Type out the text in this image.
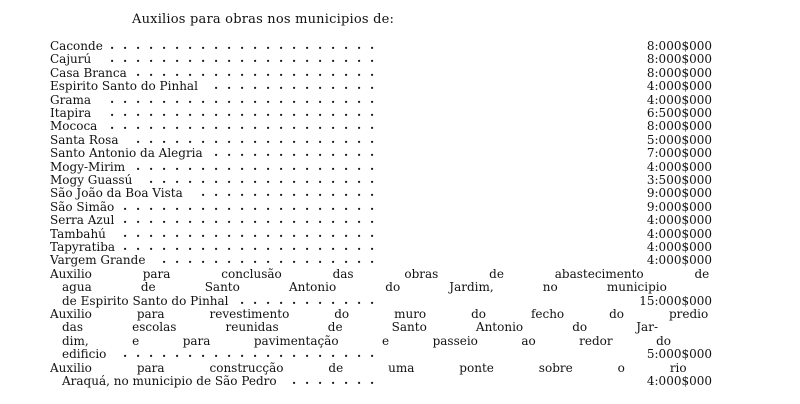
Auxilios para obras nos municipios de:
Caconde	8:000$000
. . . . . . . . . . . . . . . . . . . . .
Cajurú	8:000$000
. . . . . . . . . . . . . . . . . . . . .
Casa Branca	8:000$000
. . . . . . . . . . . . . . . . . . .
Espirito Santo do Pinhal	4:000$000
. . . . . . . . . . . . .
Grama	4:000$000
. . . . . . . . . . . . . . . . . . . . .
Itapira	6:500$000
. . . . . . . . . . . . . . . . . . . . .
Mococa	8:000$000
. . . . . . . . . . . . . . . . . . . . .
Santa Rosa	5:000$000
. . . . . . . . . . . . . . . . . . .
Santo Antonio da Alegria	7:000$000
. . . . . . . . . . . . .
Mogy-Mirim	4:000$000
. . . . . . . . . . . . . . . . . . .
Mogy Guassú	3:500$000
. . . . . . . . . . . . . . . . . .
São João da Boa Vista	9:000$000
. . . . . . . . . . . . . .
São Simão	9:000$000
. . . . . . . . . . . . . . . . . . . .
Serra Azul	4:000$000
. . . . . . . . . . . . . . . . . . . .
Tambahú	4:000$000
. . . . . . . . . . . . . . . . . . . .
Tapyratiba	4:000$000
. . . . . . . . . . . . . . . . . . . .
Vargem Grande	4:000$000
. . . . . . . . . . . . . . . . .
Auxilio para conclusão das obras de abastecimento de
agua de Santo Antonio do Jardim, no municipio
de Espirito Santo do Pinhal	15:000$000
. . . . . . . . . . .
Auxilio para revestimento do muro do fecho do predio
das escolas reunidas de Santo Antonio do Jar-
dim, e para pavimentação e passeio ao redor do
edificio	5:000$000
. . . . . . . . . . . . . . . . . . . .
Auxilio para construcção de uma ponte sobre o rio
Araquá, no municipio de São Pedro	4:000$000
. . . . . . .
